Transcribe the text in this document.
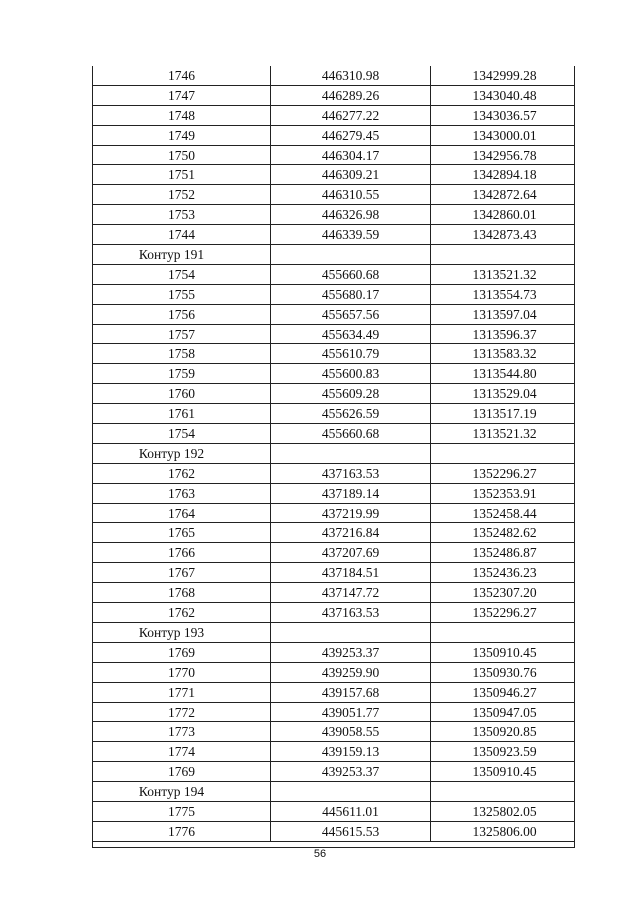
1746	446310.98	1342999.28
1747	446289.26	1343040.48
1748	446277.22	1343036.57
1749	446279.45	1343000.01
1750	446304.17	1342956.78
1751	446309.21	1342894.18
1752	446310.55	1342872.64
1753	446326.98	1342860.01
1744	446339.59	1342873.43
Контур 191
1754	455660.68	1313521.32
1755	455680.17	1313554.73
1756	455657.56	1313597.04
1757	455634.49	1313596.37
1758	455610.79	1313583.32
1759	455600.83	1313544.80
1760	455609.28	1313529.04
1761	455626.59	1313517.19
1754	455660.68	1313521.32
Контур 192
1762	437163.53	1352296.27
1763	437189.14	1352353.91
1764	437219.99	1352458.44
1765	437216.84	1352482.62
1766	437207.69	1352486.87
1767	437184.51	1352436.23
1768	437147.72	1352307.20
1762	437163.53	1352296.27
Контур 193
1769	439253.37	1350910.45
1770	439259.90	1350930.76
1771	439157.68	1350946.27
1772	439051.77	1350947.05
1773	439058.55	1350920.85
1774	439159.13	1350923.59
1769	439253.37	1350910.45
Контур 194
1775	445611.01	1325802.05
1776	445615.53	1325806.00
56
